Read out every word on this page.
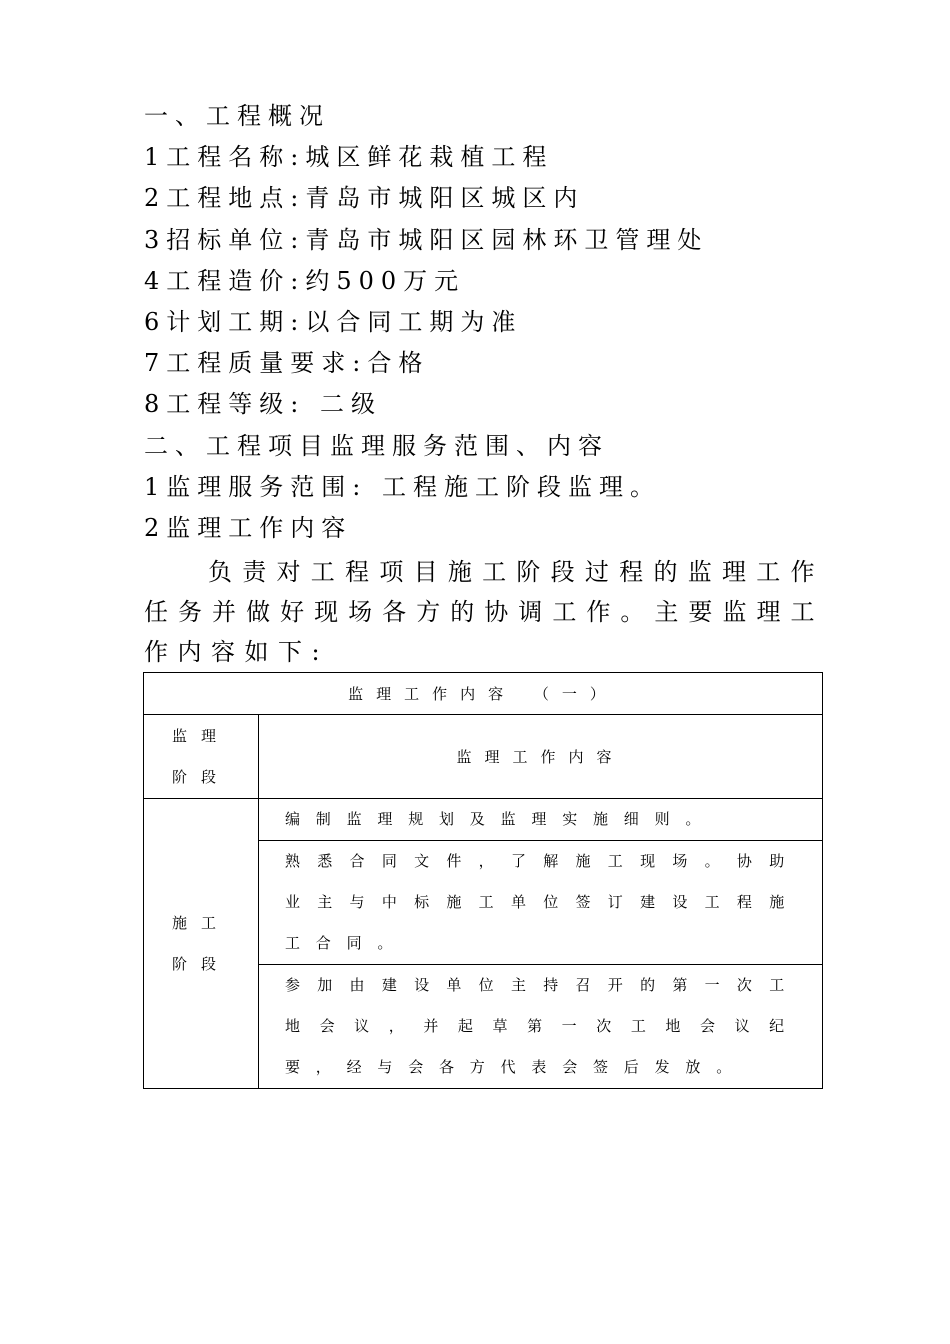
一、工程概况
1工程名称:城区鲜花栽植工程
2工程地点:青岛市城阳区城区内
3招标单位:青岛市城阳区园林环卫管理处
4工程造价:约500万元
6计划工期:以合同工期为准
7工程质量要求:合格
8工程等级: 二级
二、工程项目监理服务范围、内容
1监理服务范围: 工程施工阶段监理。
2监理工作内容
负责对工程项目施工阶段过程的监理工作任务并做好现场各方的协调工作。主要监理工作内容如下:
监理工作内容 （一）	

监理
阶段	监理工作内容

施工
阶段	编制监理规划及监理实施细则。
	熟悉合同文件，了解施工现场。协助业主与中标施工单位签订建设工程施工合同。
	参加由建设单位主持召开的第一次工地会议，并起草第一次工地会议纪要，经与会各方代表会签后发放。
